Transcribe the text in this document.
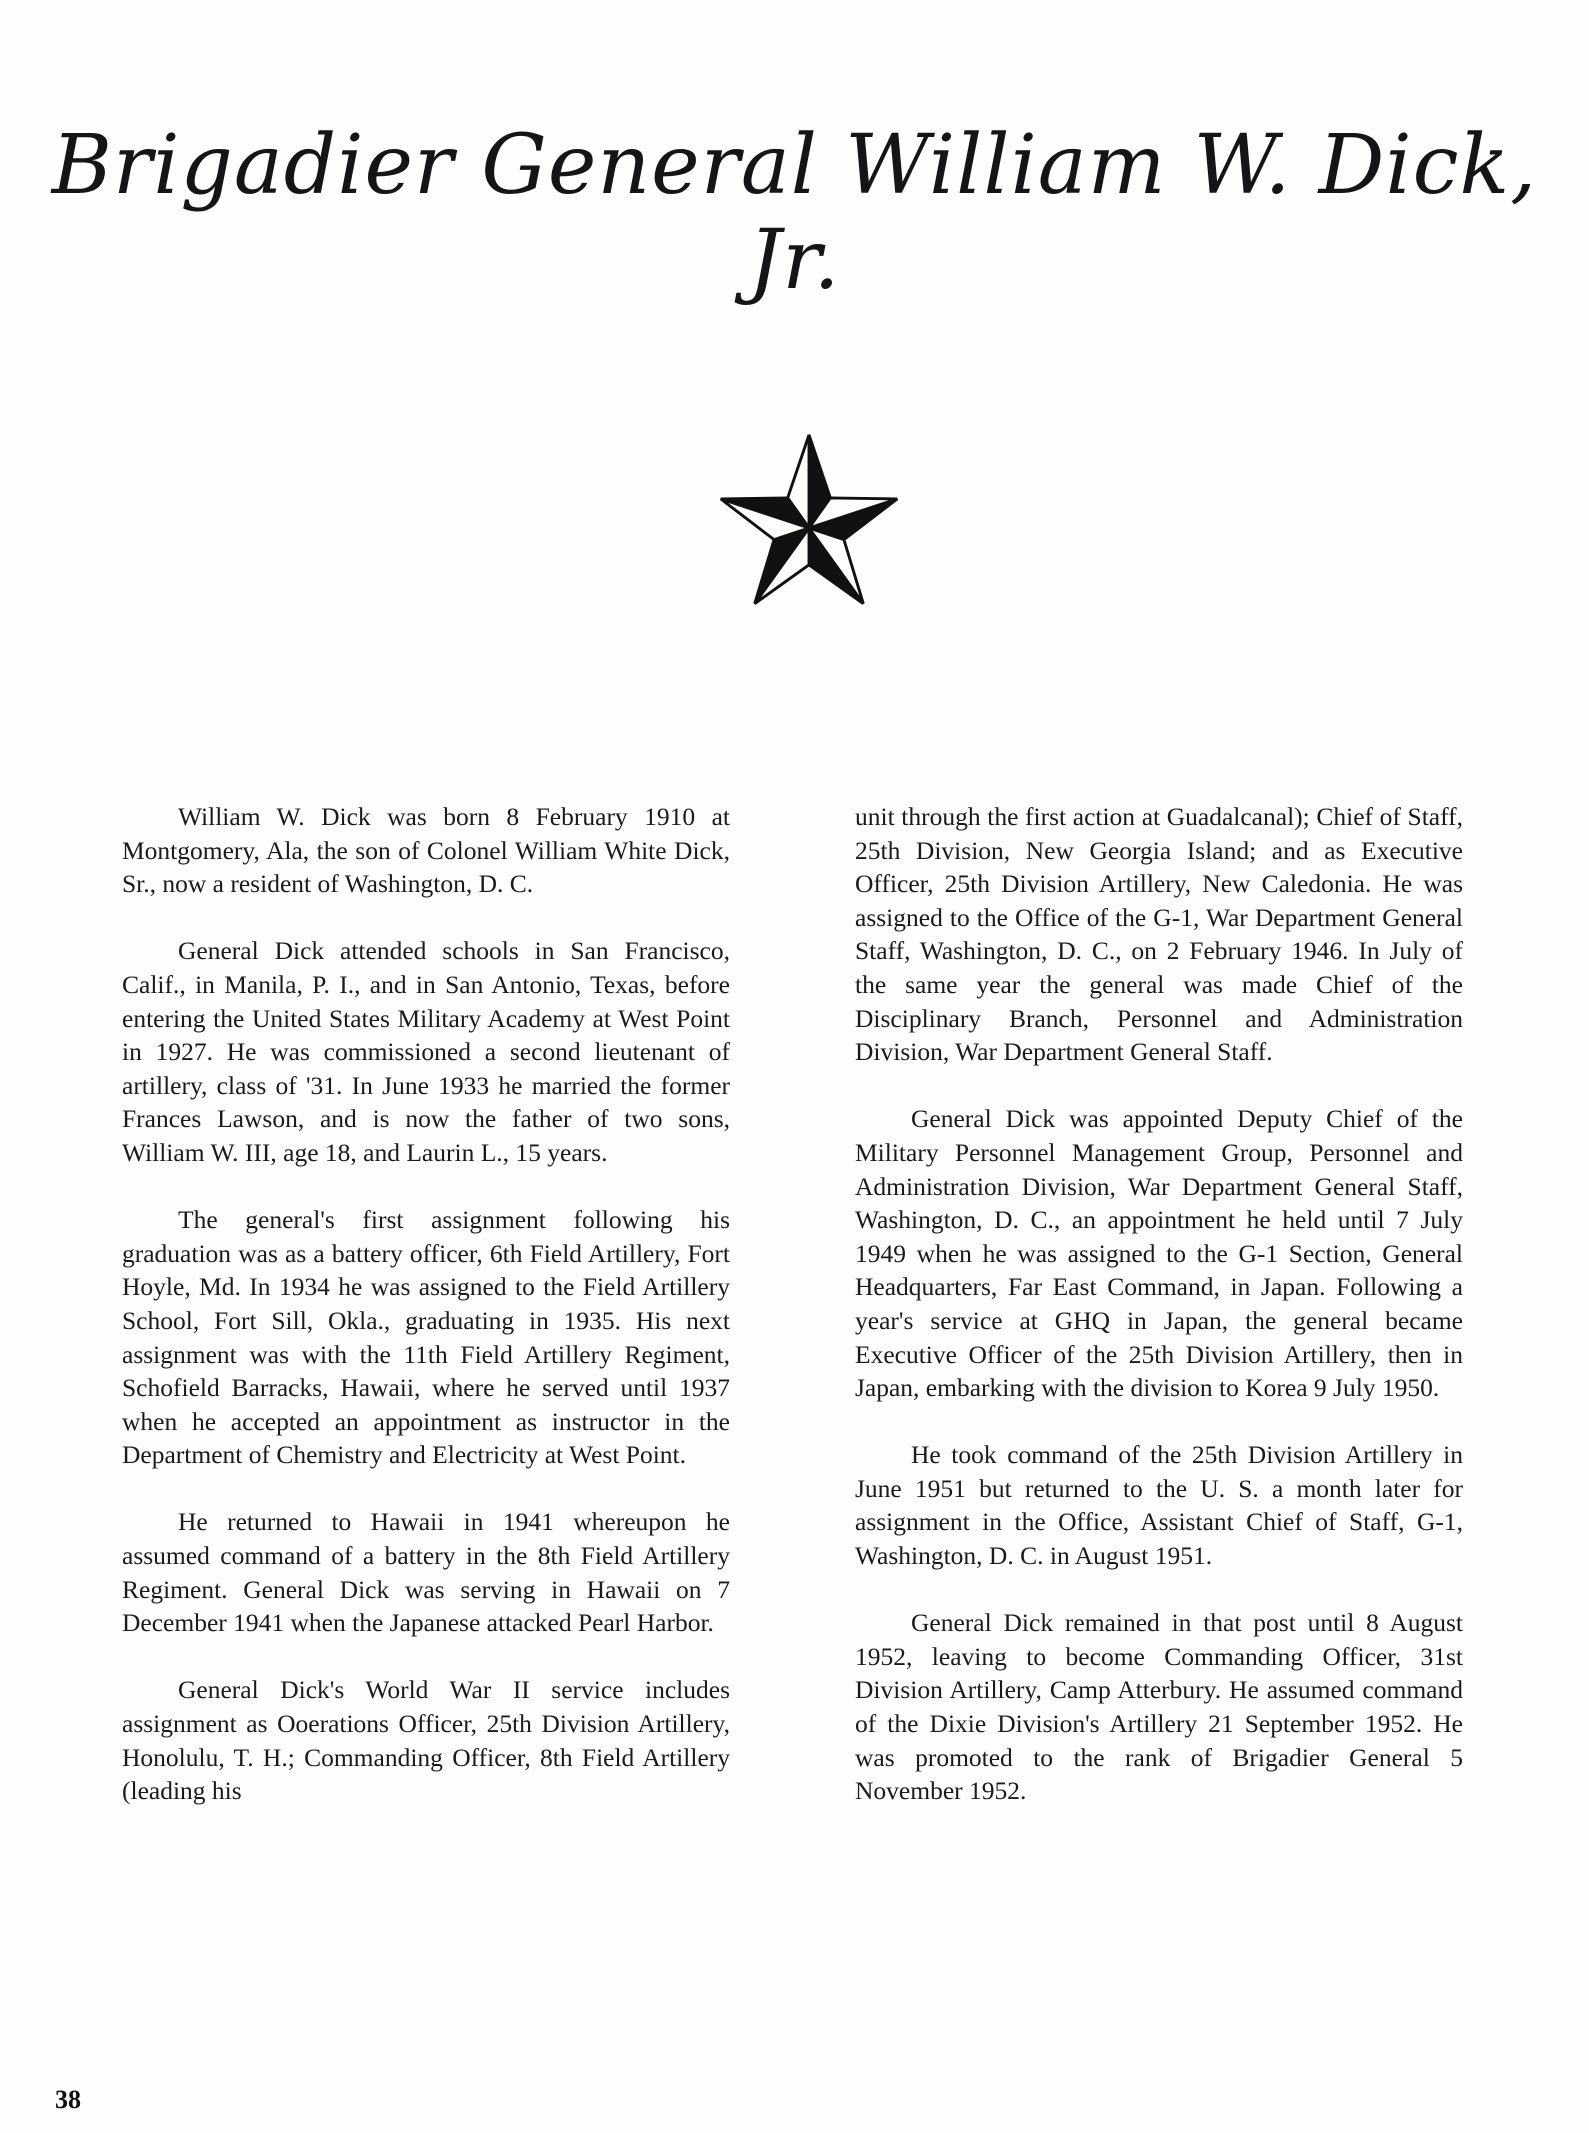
Brigadier General William W. Dick, Jr.

William W. Dick was born 8 February 1910 at Montgomery, Ala, the son of Colonel William White Dick, Sr., now a resident of Washington, D. C.

General Dick attended schools in San Francisco, Calif., in Manila, P. I., and in San Antonio, Texas, before entering the United States Military Academy at West Point in 1927. He was commissioned a second lieutenant of artillery, class of '31. In June 1933 he married the former Frances Lawson, and is now the father of two sons, William W. III, age 18, and Laurin L., 15 years.

The general's first assignment following his graduation was as a battery officer, 6th Field Artillery, Fort Hoyle, Md. In 1934 he was assigned to the Field Artillery School, Fort Sill, Okla., graduating in 1935. His next assignment was with the 11th Field Artillery Regiment, Schofield Barracks, Hawaii, where he served until 1937 when he accepted an appointment as instructor in the Department of Chemistry and Electricity at West Point.

He returned to Hawaii in 1941 whereupon he assumed command of a battery in the 8th Field Artillery Regiment. General Dick was serving in Hawaii on 7 December 1941 when the Japanese attacked Pearl Harbor.

General Dick's World War II service includes assignment as Ooerations Officer, 25th Division Artillery, Honolulu, T. H.; Commanding Officer, 8th Field Artillery (leading his

unit through the first action at Guadalcanal); Chief of Staff, 25th Division, New Georgia Island; and as Executive Officer, 25th Division Artillery, New Caledonia. He was assigned to the Office of the G-1, War Department General Staff, Washington, D. C., on 2 February 1946. In July of the same year the general was made Chief of the Disciplinary Branch, Personnel and Administration Division, War Department General Staff.

General Dick was appointed Deputy Chief of the Military Personnel Management Group, Personnel and Administration Division, War Department General Staff, Washington, D. C., an appointment he held until 7 July 1949 when he was assigned to the G-1 Section, General Headquarters, Far East Command, in Japan. Following a year's service at GHQ in Japan, the general became Executive Officer of the 25th Division Artillery, then in Japan, embarking with the division to Korea 9 July 1950.

He took command of the 25th Division Artillery in June 1951 but returned to the U. S. a month later for assignment in the Office, Assistant Chief of Staff, G-1, Washington, D. C. in August 1951.

General Dick remained in that post until 8 August 1952, leaving to become Commanding Officer, 31st Division Artillery, Camp Atterbury. He assumed command of the Dixie Division's Artillery 21 September 1952. He was promoted to the rank of Brigadier General 5 November 1952.

38
